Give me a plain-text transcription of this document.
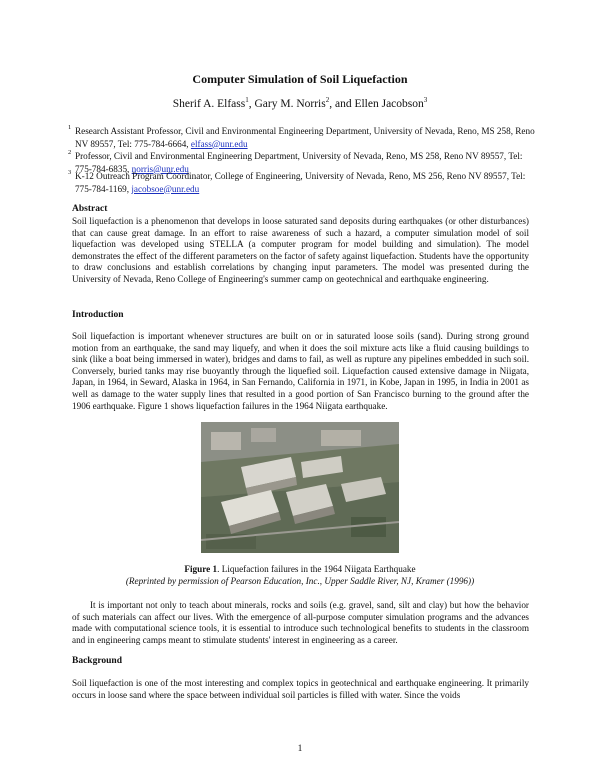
Computer Simulation of Soil Liquefaction
Sherif A. Elfass$^1$, Gary M. Norris$^2$, and Ellen Jacobson$^3$
1 Research Assistant Professor, Civil and Environmental Engineering Department, University of Nevada, Reno, MS 258, Reno NV 89557, Tel: 775-784-6664, elfass@unr.edu
2 Professor, Civil and Environmental Engineering Department, University of Nevada, Reno, MS 258, Reno NV 89557, Tel: 775-784-6835, norris@unr.edu
3 K-12 Outreach Program Coordinator, College of Engineering, University of Nevada, Reno, MS 256, Reno NV 89557, Tel: 775-784-1169, jacobsoe@unr.edu
Abstract
Soil liquefaction is a phenomenon that develops in loose saturated sand deposits during earthquakes (or other disturbances) that can cause great damage. In an effort to raise awareness of such a hazard, a computer simulation model of soil liquefaction was developed using STELLA (a computer program for model building and simulation). The model demonstrates the effect of the different parameters on the factor of safety against liquefaction. Students have the opportunity to draw conclusions and establish correlations by changing input parameters. The model was presented during the University of Nevada, Reno College of Engineering's summer camp on geotechnical and earthquake engineering.
Introduction
Soil liquefaction is important whenever structures are built on or in saturated loose soils (sand). During strong ground motion from an earthquake, the sand may liquefy, and when it does the soil mixture acts like a fluid causing buildings to sink (like a boat being immersed in water), bridges and dams to fail, as well as rupture any pipelines embedded in such soil. Conversely, buried tanks may rise buoyantly through the liquefied soil. Liquefaction caused extensive damage in Niigata, Japan, in 1964, in Seward, Alaska in 1964, in San Fernando, California in 1971, in Kobe, Japan in 1995, in India in 2001 as well as damage to the water supply lines that resulted in a good portion of San Francisco burning to the ground after the 1906 earthquake. Figure 1 shows liquefaction failures in the 1964 Niigata earthquake.
Figure 1. Liquefaction failures in the 1964 Niigata Earthquake
(Reprinted by permission of Pearson Education, Inc., Upper Saddle River, NJ, Kramer (1996))
It is important not only to teach about minerals, rocks and soils (e.g. gravel, sand, silt and clay) but how the behavior of such materials can affect our lives. With the emergence of all-purpose computer simulation programs and the advances made with computational science tools, it is essential to introduce such technological benefits to students in the classroom and in engineering camps meant to stimulate students' interest in engineering as a career.
Background
Soil liquefaction is one of the most interesting and complex topics in geotechnical and earthquake engineering. It primarily occurs in loose sand where the space between individual soil particles is filled with water. Since the voids
1
